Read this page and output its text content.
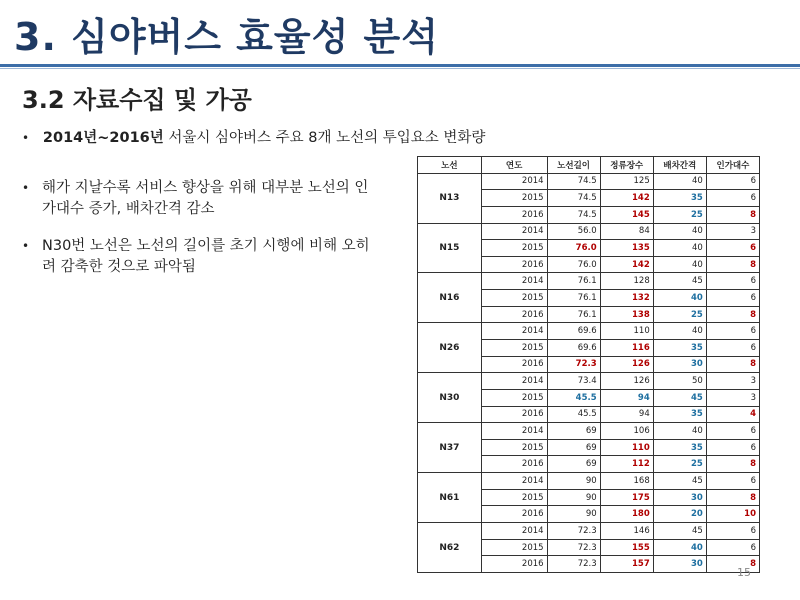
3. 심야버스 효율성 분석
3.2 자료수집 및 가공
• 2014년~2016년 서울시 심야버스 주요 8개 노선의 투입요소 변화량
• 해가 지날수록 서비스 향상을 위해 대부분 노선의 인가대수 증가, 배차간격 감소
• N30번 노선은 노선의 길이를 초기 시행에 비해 오히려 감축한 것으로 파악됨
노선	연도	노선길이	정류장수	배차간격	인가대수
N13	2014	74.5	125	40	6
	2015	74.5	142	35	6
	2016	74.5	145	25	8
N15	2014	56.0	84	40	3
	2015	76.0	135	40	6
	2016	76.0	142	40	8
N16	2014	76.1	128	45	6
	2015	76.1	132	40	6
	2016	76.1	138	25	8
N26	2014	69.6	110	40	6
	2015	69.6	116	35	6
	2016	72.3	126	30	8
N30	2014	73.4	126	50	3
	2015	45.5	94	45	3
	2016	45.5	94	35	4
N37	2014	69	106	40	6
	2015	69	110	35	6
	2016	69	112	25	8
N61	2014	90	168	45	6
	2015	90	175	30	8
	2016	90	180	20	10
N62	2014	72.3	146	45	6
	2015	72.3	155	40	6
	2016	72.3	157	30	8
15
